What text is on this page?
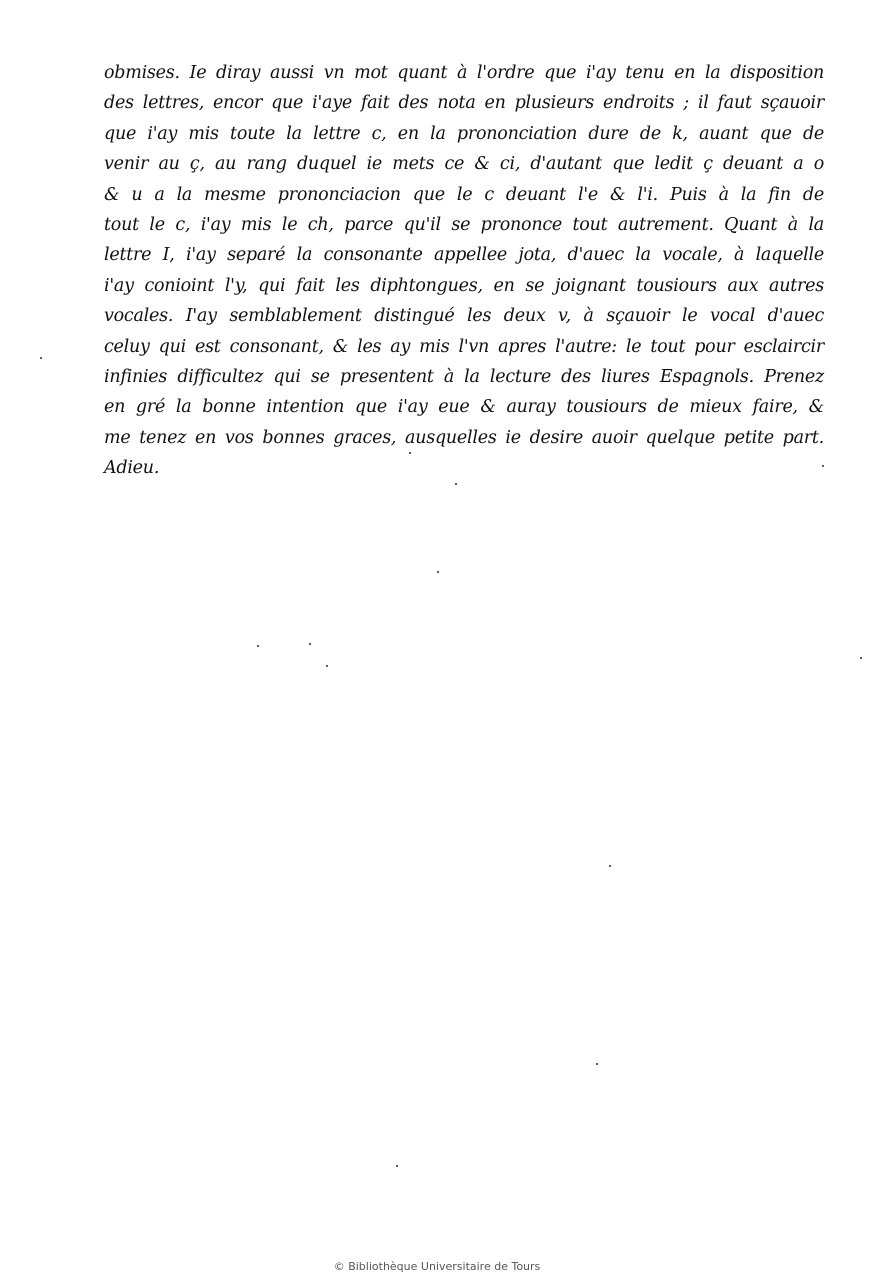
obmises. Ie diray aussi vn mot quant à l'ordre que i'ay tenu en la disposition
des lettres, encor que i'aye fait des nota en plusieurs endroits ; il faut sçauoir
que i'ay mis toute la lettre c, en la prononciation dure de k, auant que de
venir au ç, au rang duquel ie mets ce & ci, d'autant que ledit ç deuant a o
& u a la mesme prononciacion que le c deuant l'e & l'i. Puis à la fin de
tout le c, i'ay mis le ch, parce qu'il se prononce tout autrement. Quant à la
lettre I, i'ay separé la consonante appellee jota, d'auec la vocale, à laquelle
i'ay conioint l'y, qui fait les diphtongues, en se joignant tousiours aux autres
vocales. I'ay semblablement distingué les deux v, à sçauoir le vocal d'auec
celuy qui est consonant, & les ay mis l'vn apres l'autre: le tout pour esclaircir
infinies difficultez qui se presentent à la lecture des liures Espagnols. Prenez
en gré la bonne intention que i'ay eue & auray tousiours de mieux faire, &
me tenez en vos bonnes graces, ausquelles ie desire auoir quelque petite part.
Adieu.
© Bibliothèque Universitaire de Tours
